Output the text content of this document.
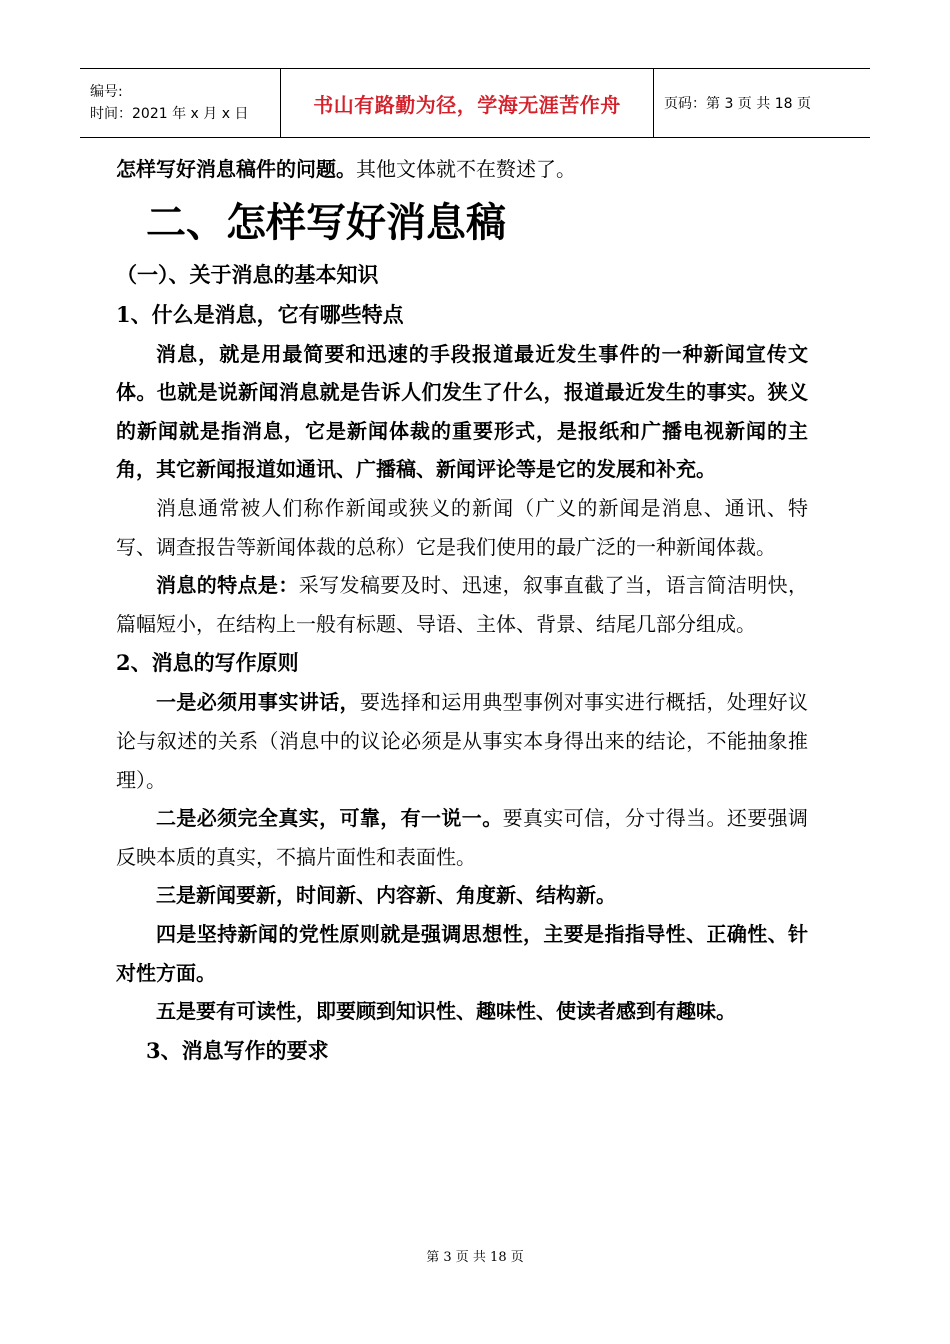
编号:
时间：2021 年 x 月 x 日	书山有路勤为径，学海无涯苦作舟	页码：第 3 页 共 18 页
怎样写好消息稿件的问题。其他文体就不在赘述了。
二、怎样写好消息稿
（一）、关于消息的基本知识
1、什么是消息，它有哪些特点
消息，就是用最简要和迅速的手段报道最近发生事件的一种新闻宣传文体。也就是说新闻消息就是告诉人们发生了什么，报道最近发生的事实。狭义的新闻就是指消息，它是新闻体裁的重要形式，是报纸和广播电视新闻的主角，其它新闻报道如通讯、广播稿、新闻评论等是它的发展和补充。
消息通常被人们称作新闻或狭义的新闻（广义的新闻是消息、通讯、特写、调查报告等新闻体裁的总称）它是我们使用的最广泛的一种新闻体裁。
消息的特点是：采写发稿要及时、迅速，叙事直截了当，语言简洁明快，篇幅短小，在结构上一般有标题、导语、主体、背景、结尾几部分组成。
2、消息的写作原则
一是必须用事实讲话，要选择和运用典型事例对事实进行概括，处理好议论与叙述的关系（消息中的议论必须是从事实本身得出来的结论，不能抽象推理）。
二是必须完全真实，可靠，有一说一。要真实可信，分寸得当。还要强调反映本质的真实，不搞片面性和表面性。
三是新闻要新，时间新、内容新、角度新、结构新。
四是坚持新闻的党性原则就是强调思想性，主要是指指导性、正确性、针对性方面。
五是要有可读性，即要顾到知识性、趣味性、使读者感到有趣味。
3、消息写作的要求
第 3 页 共 18 页
